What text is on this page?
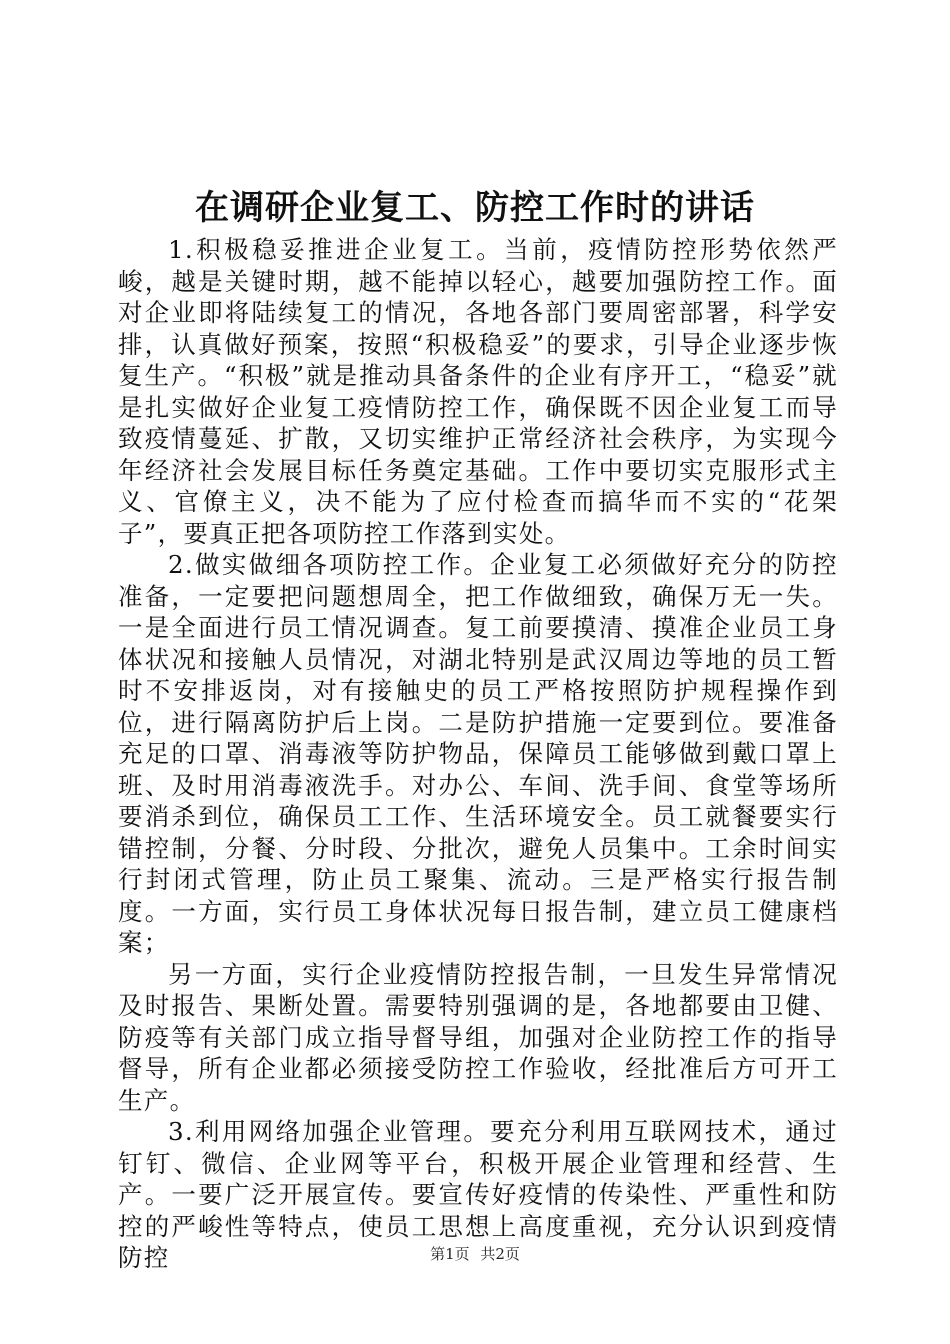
在调研企业复工、防控工作时的讲话

1.积极稳妥推进企业复工。当前，疫情防控形势依然严峻，越是关键时期，越不能掉以轻心，越要加强防控工作。面对企业即将陆续复工的情况，各地各部门要周密部署，科学安排，认真做好预案，按照“积极稳妥”的要求，引导企业逐步恢复生产。“积极”就是推动具备条件的企业有序开工，“稳妥”就是扎实做好企业复工疫情防控工作，确保既不因企业复工而导致疫情蔓延、扩散，又切实维护正常经济社会秩序，为实现今年经济社会发展目标任务奠定基础。工作中要切实克服形式主义、官僚主义，决不能为了应付检查而搞华而不实的“花架子”，要真正把各项防控工作落到实处。

2.做实做细各项防控工作。企业复工必须做好充分的防控准备，一定要把问题想周全，把工作做细致，确保万无一失。一是全面进行员工情况调查。复工前要摸清、摸准企业员工身体状况和接触人员情况，对湖北特别是武汉周边等地的员工暂时不安排返岗，对有接触史的员工严格按照防护规程操作到位，进行隔离防护后上岗。二是防护措施一定要到位。要准备充足的口罩、消毒液等防护物品，保障员工能够做到戴口罩上班、及时用消毒液洗手。对办公、车间、洗手间、食堂等场所要消杀到位，确保员工工作、生活环境安全。员工就餐要实行错控制，分餐、分时段、分批次，避免人员集中。工余时间实行封闭式管理，防止员工聚集、流动。三是严格实行报告制度。一方面，实行员工身体状况每日报告制，建立员工健康档案；

另一方面，实行企业疫情防控报告制，一旦发生异常情况及时报告、果断处置。需要特别强调的是，各地都要由卫健、防疫等有关部门成立指导督导组，加强对企业防控工作的指导督导，所有企业都必须接受防控工作验收，经批准后方可开工生产。

3.利用网络加强企业管理。要充分利用互联网技术，通过钉钉、微信、企业网等平台，积极开展企业管理和经营、生产。一要广泛开展宣传。要宣传好疫情的传染性、严重性和防控的严峻性等特点，使员工思想上高度重视，充分认识到疫情防控	第1页 共2页
